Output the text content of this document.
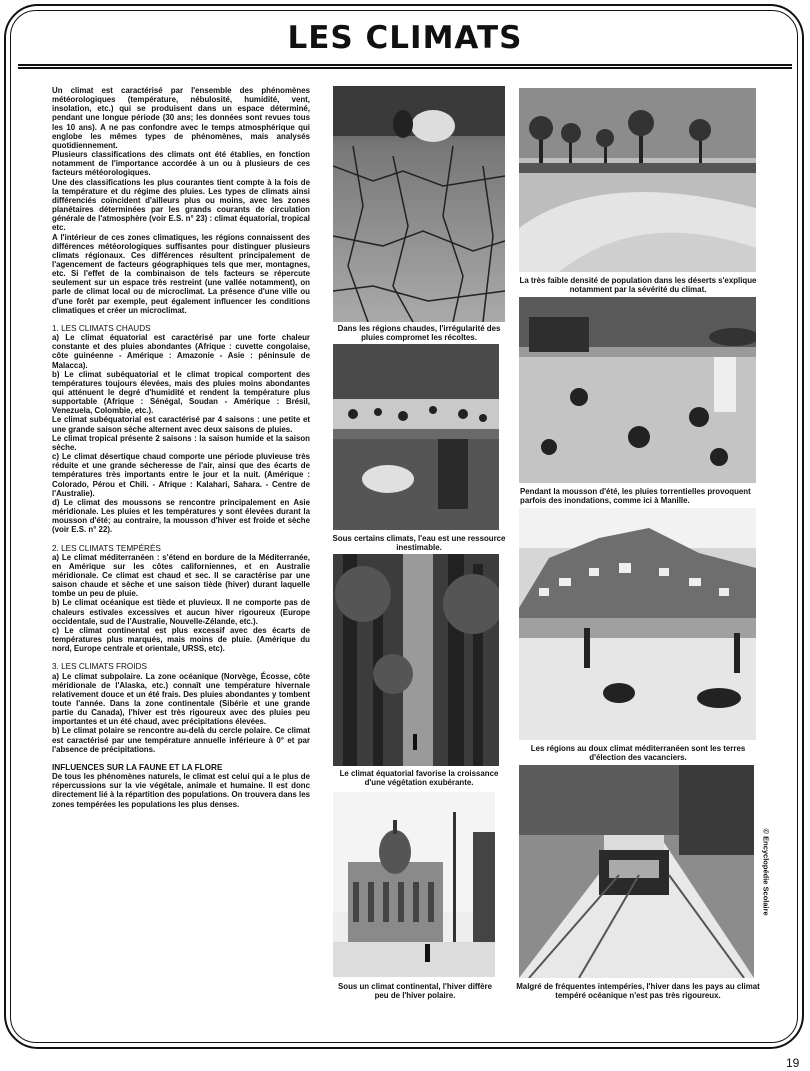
LES CLIMATS

Un climat est caractérisé par l'ensemble des phénomènes météorologiques (température, nébulosité, humidité, vent, insolation, etc.) qui se produisent dans un espace déterminé, pendant une longue période (30 ans; les données sont revues tous les 10 ans). A ne pas confondre avec le temps atmosphérique qui englobe les mêmes types de phénomènes, mais analysés quotidiennement.

Plusieurs classifications des climats ont été établies, en fonction notamment de l'importance accordée à un ou à plusieurs de ces facteurs météorologiques.

Une des classifications les plus courantes tient compte à la fois de la température et du régime des pluies. Les types de climats ainsi différenciés coïncident d'ailleurs plus ou moins, avec les zones planétaires déterminées par les grands courants de circulation générale de l'atmosphère (voir E.S. n° 23) : climat équatorial, tropical etc.

A l'intérieur de ces zones climatiques, les régions connaissent des différences météorologiques suffisantes pour distinguer plusieurs climats régionaux. Ces différences résultent principalement de l'agencement de facteurs géographiques tels que mer, montagnes, etc. Si l'effet de la combinaison de tels facteurs se répercute seulement sur un espace très restreint (une vallée notamment), on parle de climat local ou de microclimat. La présence d'une ville ou d'une forêt par exemple, peut également influencer les conditions climatiques et créer un microclimat.

1. LES CLIMATS CHAUDS

a) Le climat équatorial est caractérisé par une forte chaleur constante et des pluies abondantes (Afrique : cuvette congolaise, côte guinéenne - Amérique : Amazonie - Asie : péninsule de Malacca).

b) Le climat subéquatorial et le climat tropical comportent des températures toujours élevées, mais des pluies moins abondantes qui atténuent le degré d'humidité et rendent la température plus supportable (Afrique : Sénégal, Soudan - Amérique : Brésil, Venezuela, Colombie, etc.).

Le climat subéquatorial est caractérisé par 4 saisons : une petite et une grande saison sèche alternent avec deux saisons de pluies.

Le climat tropical présente 2 saisons : la saison humide et la saison sèche.

c) Le climat désertique chaud comporte une période pluvieuse très réduite et une grande sécheresse de l'air, ainsi que des écarts de températures très importants entre le jour et la nuit. (Amérique : Colorado, Pérou et Chili. - Afrique : Kalahari, Sahara. - Centre de l'Australie).

d) Le climat des moussons se rencontre principalement en Asie méridionale. Les pluies et les températures y sont élevées durant la mousson d'été; au contraire, la mousson d'hiver est froide et sèche (voir E.S. n° 22).

2. LES CLIMATS TEMPÉRÉS

a) Le climat méditerranéen : s'étend en bordure de la Méditerranée, en Amérique sur les côtes californiennes, et en Australie méridionale. Ce climat est chaud et sec. Il se caractérise par une saison chaude et sèche et une saison tiède (hiver) durant laquelle tombe un peu de pluie.

b) Le climat océanique est tiède et pluvieux. Il ne comporte pas de chaleurs estivales excessives et aucun hiver rigoureux (Europe occidentale, sud de l'Australie, Nouvelle-Zélande, etc.).

c) Le climat continental est plus excessif avec des écarts de températures plus marqués, mais moins de pluie. (Amérique du nord, Europe centrale et orientale, URSS, etc).

3. LES CLIMATS FROIDS

a) Le climat subpolaire. La zone océanique (Norvège, Écosse, côte méridionale de l'Alaska, etc.) connaît une température hivernale relativement douce et un été frais. Des pluies abondantes y tombent toute l'année. Dans la zone continentale (Sibérie et une grande partie du Canada), l'hiver est très rigoureux avec des pluies peu importantes et un été chaud, avec précipitations élevées.

b) Le climat polaire se rencontre au-delà du cercle polaire. Ce climat est caractérisé par une température annuelle inférieure à 0° et par l'absence de précipitations.

INFLUENCES SUR LA FAUNE ET LA FLORE

De tous les phénomènes naturels, le climat est celui qui a le plus de répercussions sur la vie végétale, animale et humaine. Il est donc directement lié à la répartition des populations. On trouvera dans les zones tempérées les populations les plus denses.

Dans les régions chaudes, l'irrégularité des pluies compromet les récoltes.
Sous certains climats, l'eau est une ressource inestimable.
Le climat équatorial favorise la croissance d'une végétation exubérante.
Sous un climat continental, l'hiver diffère peu de l'hiver polaire.
La très faible densité de population dans les déserts s'explique notamment par la sévérité du climat.
Pendant la mousson d'été, les pluies torrentielles provoquent parfois des inondations, comme ici à Manille.
Les régions au doux climat méditerranéen sont les terres d'élection des vacanciers.
Malgré de fréquentes intempéries, l'hiver dans les pays au climat tempéré océanique n'est pas très rigoureux.
© Encyclopédie Scolaire
19
